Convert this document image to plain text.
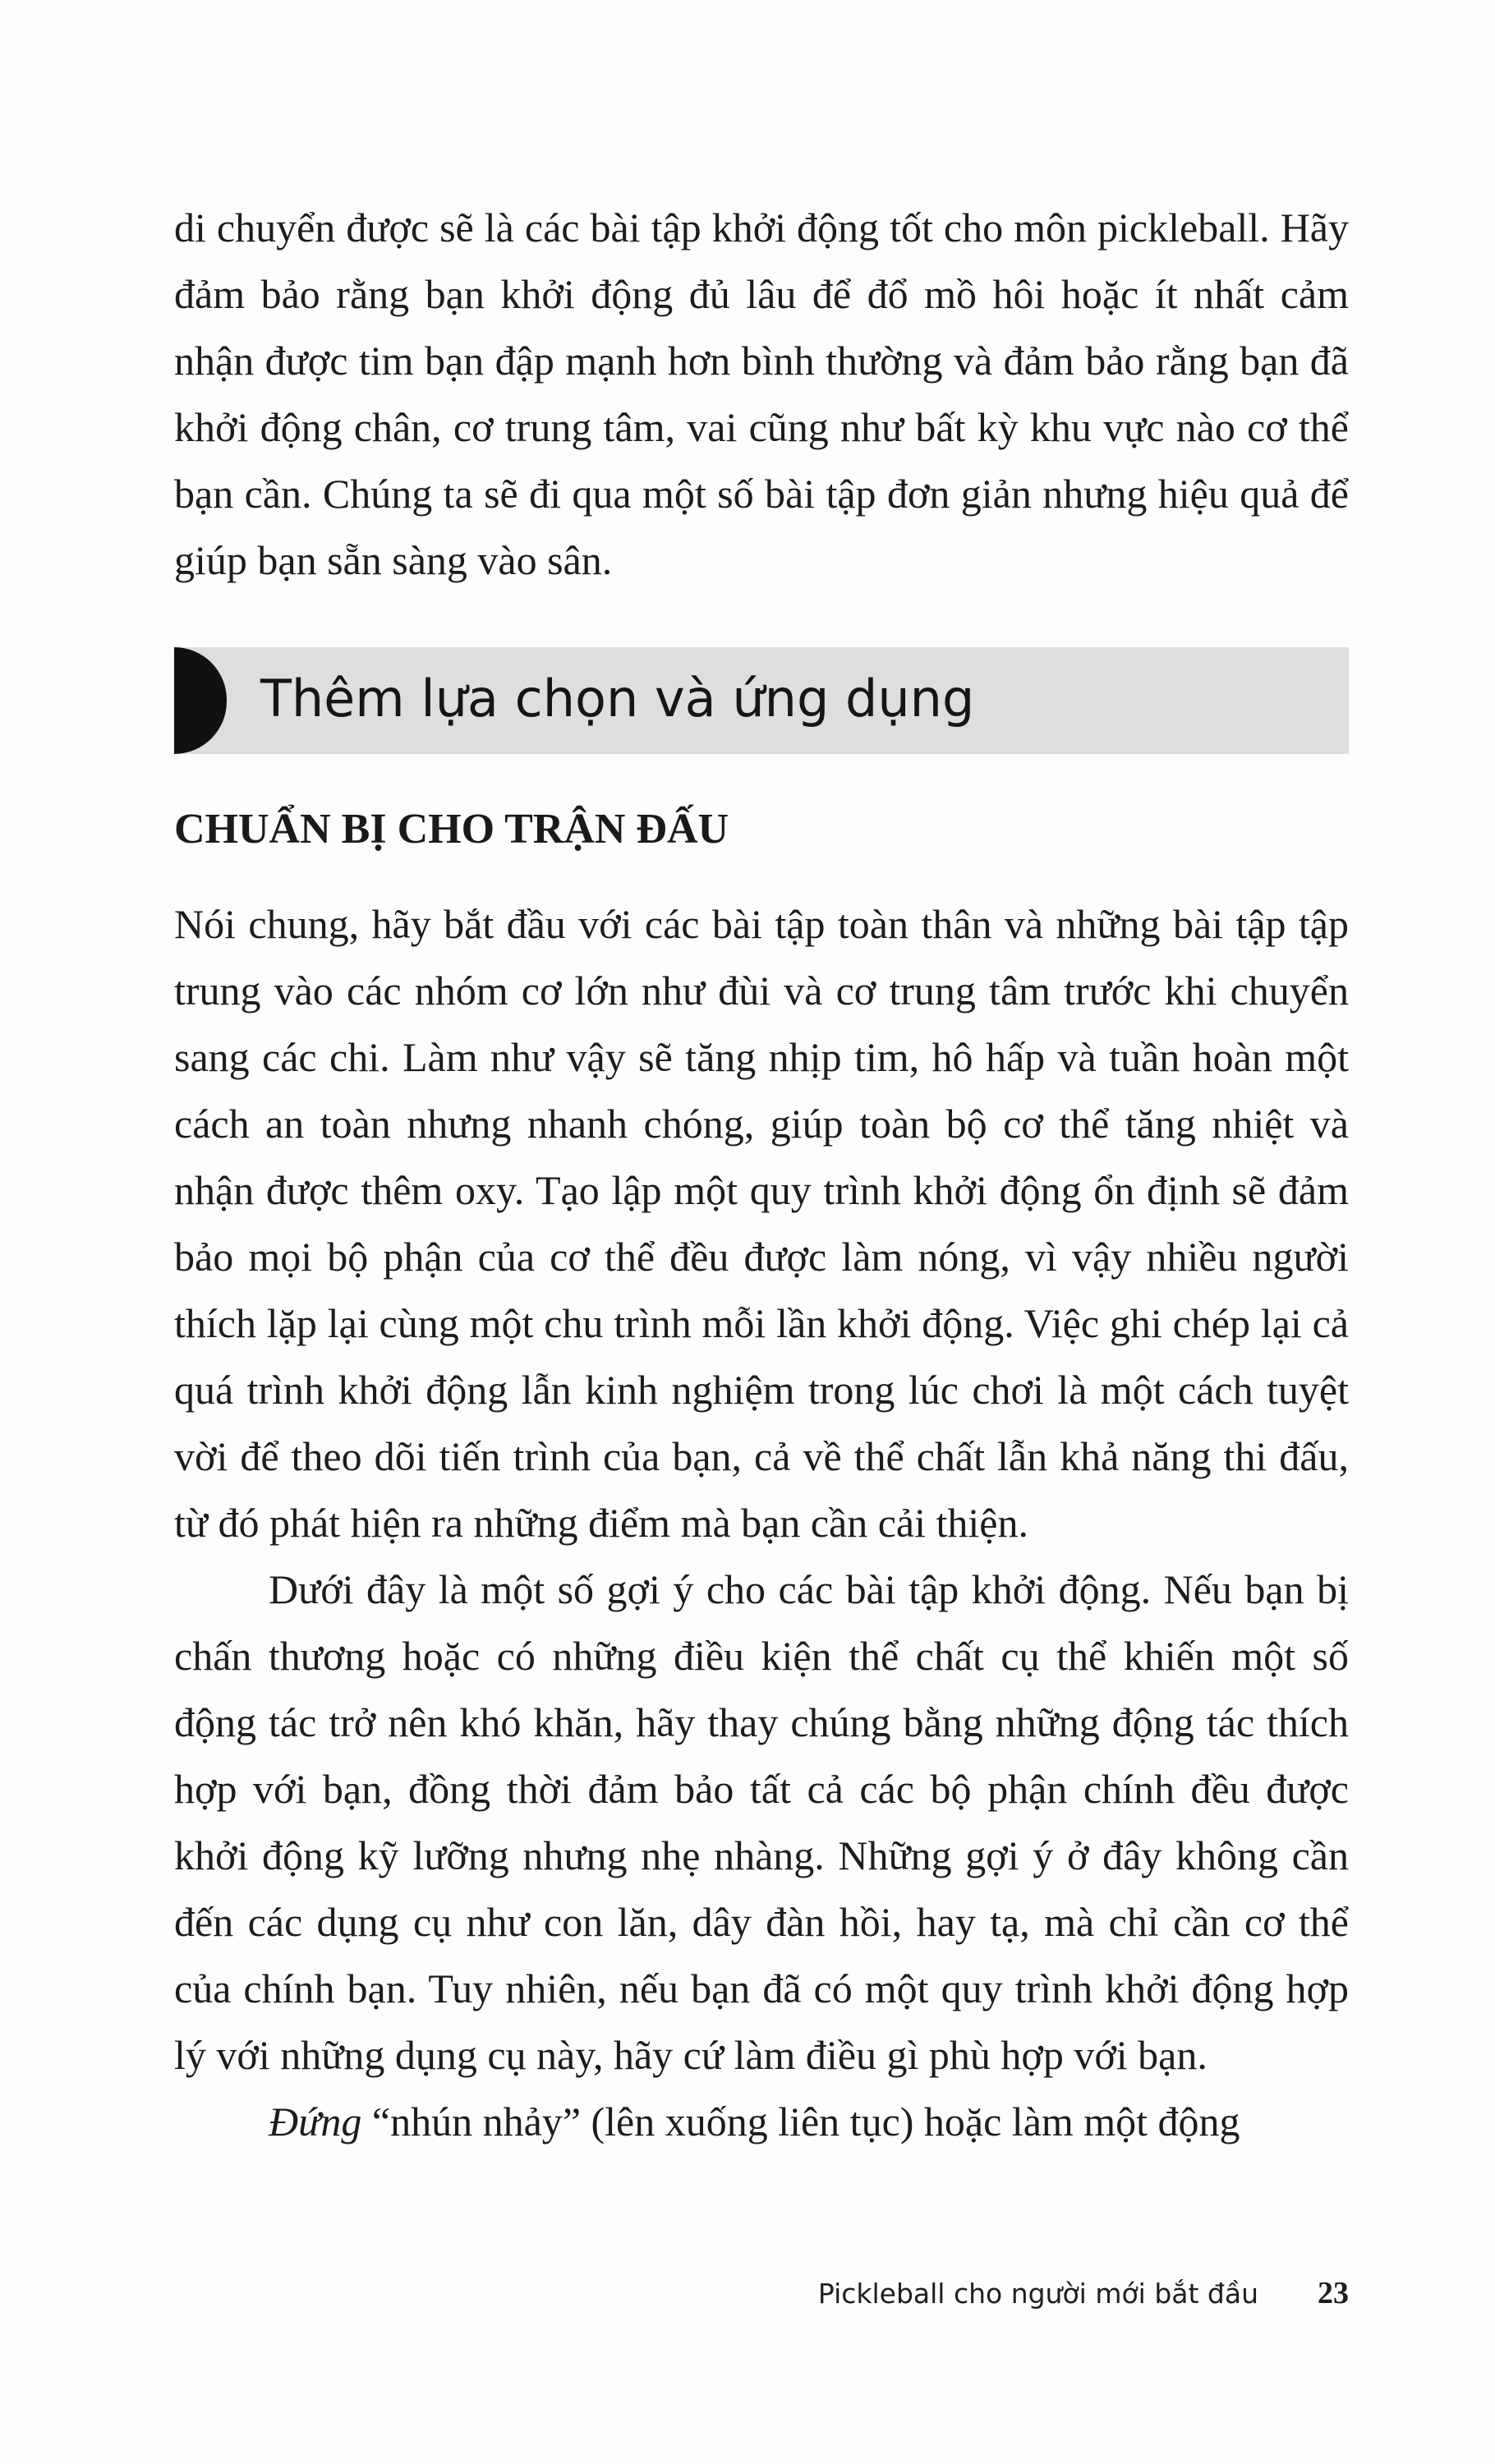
di chuyển được sẽ là các bài tập khởi động tốt cho môn pickleball. Hãy đảm bảo rằng bạn khởi động đủ lâu để đổ mồ hôi hoặc ít nhất cảm nhận được tim bạn đập mạnh hơn bình thường và đảm bảo rằng bạn đã khởi động chân, cơ trung tâm, vai cũng như bất kỳ khu vực nào cơ thể bạn cần. Chúng ta sẽ đi qua một số bài tập đơn giản nhưng hiệu quả để giúp bạn sẵn sàng vào sân.

Thêm lựa chọn và ứng dụng
CHUẨN BỊ CHO TRẬN ĐẤU

Nói chung, hãy bắt đầu với các bài tập toàn thân và những bài tập tập trung vào các nhóm cơ lớn như đùi và cơ trung tâm trước khi chuyển sang các chi. Làm như vậy sẽ tăng nhịp tim, hô hấp và tuần hoàn một cách an toàn nhưng nhanh chóng, giúp toàn bộ cơ thể tăng nhiệt và nhận được thêm oxy. Tạo lập một quy trình khởi động ổn định sẽ đảm bảo mọi bộ phận của cơ thể đều được làm nóng, vì vậy nhiều người thích lặp lại cùng một chu trình mỗi lần khởi động. Việc ghi chép lại cả quá trình khởi động lẫn kinh nghiệm trong lúc chơi là một cách tuyệt vời để theo dõi tiến trình của bạn, cả về thể chất lẫn khả năng thi đấu, từ đó phát hiện ra những điểm mà bạn cần cải thiện.

Dưới đây là một số gợi ý cho các bài tập khởi động. Nếu bạn bị chấn thương hoặc có những điều kiện thể chất cụ thể khiến một số động tác trở nên khó khăn, hãy thay chúng bằng những động tác thích hợp với bạn, đồng thời đảm bảo tất cả các bộ phận chính đều được khởi động kỹ lưỡng nhưng nhẹ nhàng. Những gợi ý ở đây không cần đến các dụng cụ như con lăn, dây đàn hồi, hay tạ, mà chỉ cần cơ thể của chính bạn. Tuy nhiên, nếu bạn đã có một quy trình khởi động hợp lý với những dụng cụ này, hãy cứ làm điều gì phù hợp với bạn.

Đứng “nhún nhảy” (lên xuống liên tục) hoặc làm một động

Pickleball cho người mới bắt đầu 23
